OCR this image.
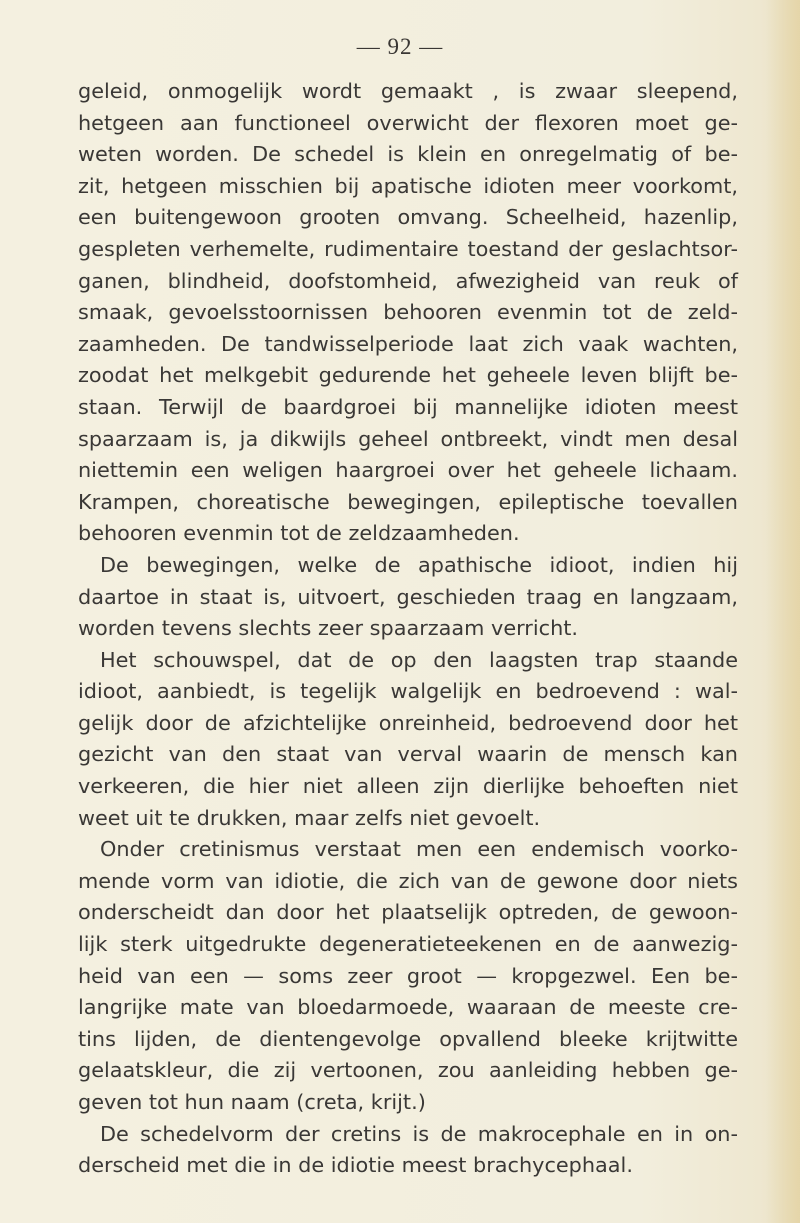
— 92 —
geleid, onmogelijk wordt gemaakt , is zwaar sleepend,
hetgeen aan functioneel overwicht der flexoren moet ge-
weten worden. De schedel is klein en onregelmatig of be-
zit, hetgeen misschien bij apatische idioten meer voorkomt,
een buitengewoon grooten omvang. Scheelheid, hazenlip,
gespleten verhemelte, rudimentaire toestand der geslachtsor-
ganen, blindheid, doofstomheid, afwezigheid van reuk of
smaak, gevoelsstoornissen behooren evenmin tot de zeld-
zaamheden. De tandwisselperiode laat zich vaak wachten,
zoodat het melkgebit gedurende het geheele leven blijft be-
staan. Terwijl de baardgroei bij mannelijke idioten meest
spaarzaam is, ja dikwijls geheel ontbreekt, vindt men desal
niettemin een weligen haargroei over het geheele lichaam.
Krampen, choreatische bewegingen, epileptische toevallen
behooren evenmin tot de zeldzaamheden.
De bewegingen, welke de apathische idioot, indien hij
daartoe in staat is, uitvoert, geschieden traag en langzaam,
worden tevens slechts zeer spaarzaam verricht.
Het schouwspel, dat de op den laagsten trap staande
idioot, aanbiedt, is tegelijk walgelijk en bedroevend : wal-
gelijk door de afzichtelijke onreinheid, bedroevend door het
gezicht van den staat van verval waarin de mensch kan
verkeeren, die hier niet alleen zijn dierlijke behoeften niet
weet uit te drukken, maar zelfs niet gevoelt.
Onder cretinismus verstaat men een endemisch voorko-
mende vorm van idiotie, die zich van de gewone door niets
onderscheidt dan door het plaatselijk optreden, de gewoon-
lijk sterk uitgedrukte degeneratieteekenen en de aanwezig-
heid van een — soms zeer groot — kropgezwel. Een be-
langrijke mate van bloedarmoede, waaraan de meeste cre-
tins lijden, de dientengevolge opvallend bleeke krijtwitte
gelaatskleur, die zij vertoonen, zou aanleiding hebben ge-
geven tot hun naam (creta, krijt.)
De schedelvorm der cretins is de makrocephale en in on-
derscheid met die in de idiotie meest brachycephaal.
